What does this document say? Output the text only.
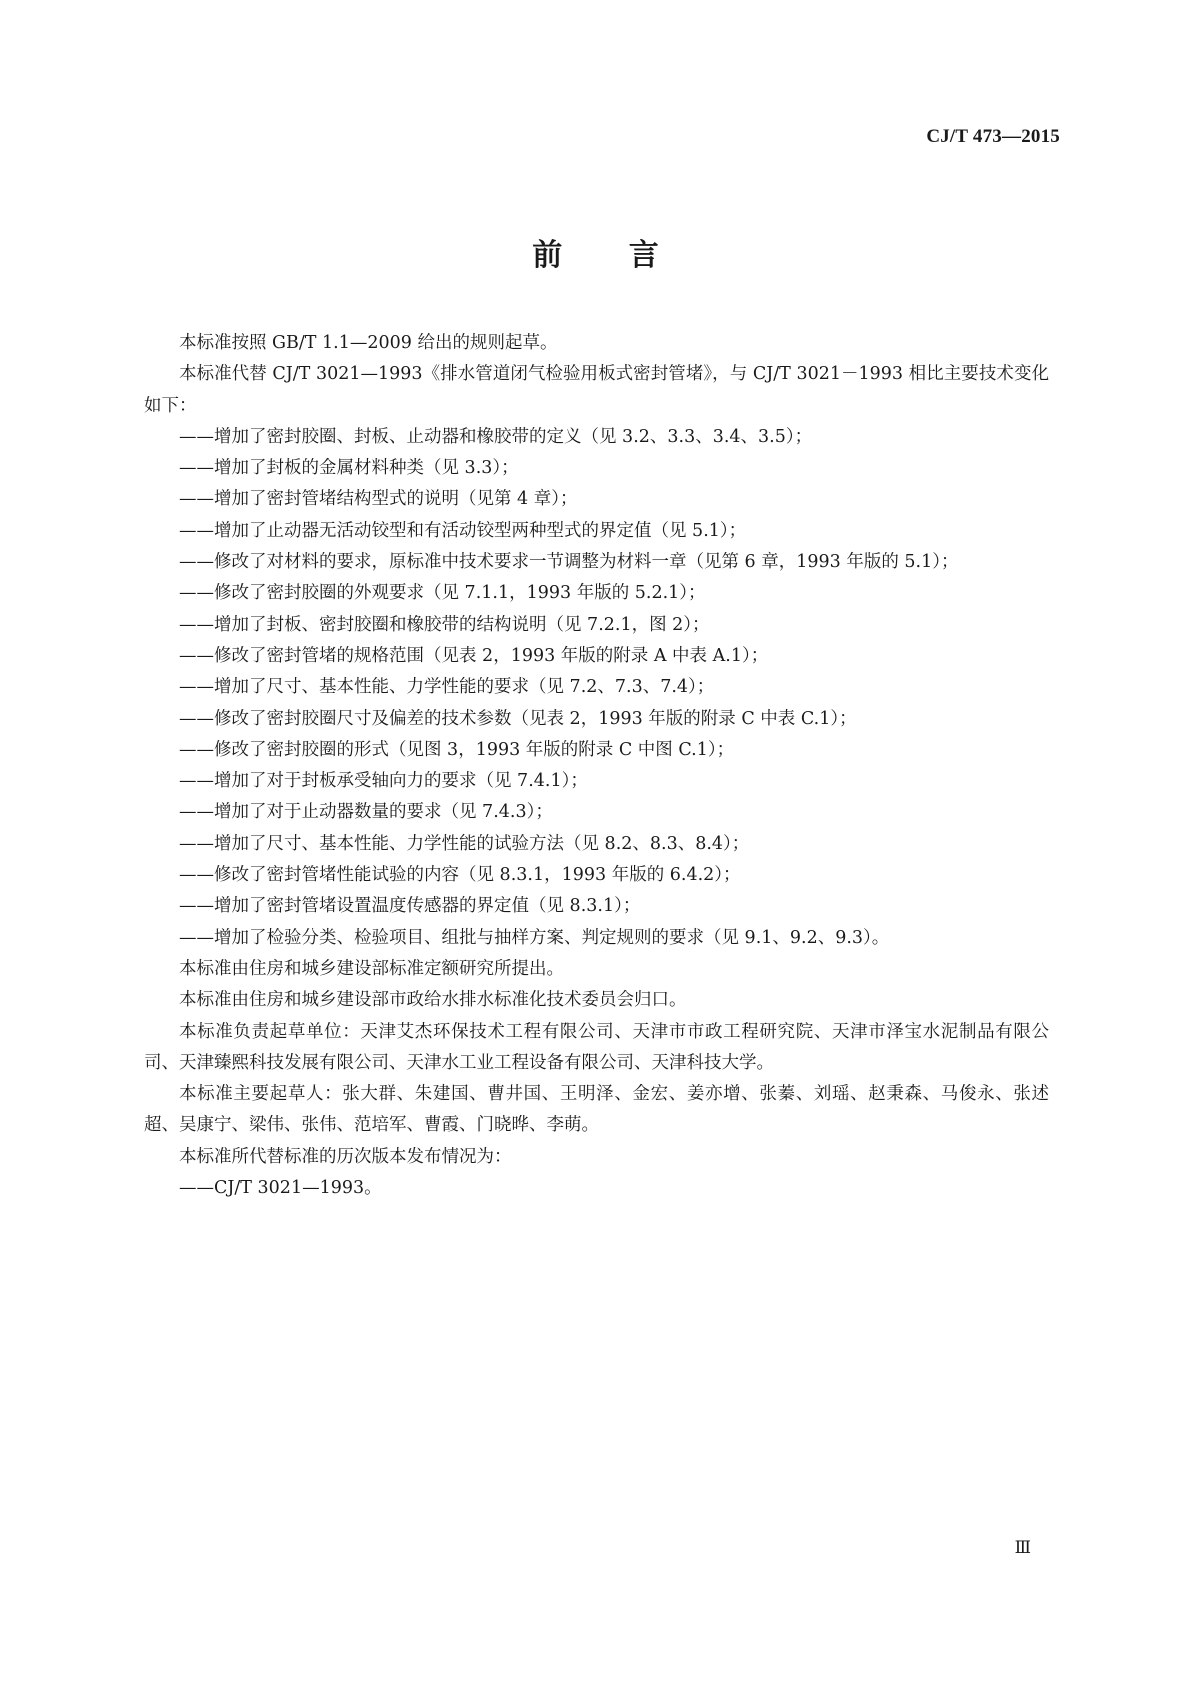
CJ/T 473—2015
前 言

本标准按照 GB/T 1.1—2009 给出的规则起草。

本标准代替 CJ/T 3021—1993《排水管道闭气检验用板式密封管堵》，与 CJ/T 3021－1993 相比主要技术变化如下：

——增加了密封胶圈、封板、止动器和橡胶带的定义（见 3.2、3.3、3.4、3.5）；

——增加了封板的金属材料种类（见 3.3）；

——增加了密封管堵结构型式的说明（见第 4 章）；

——增加了止动器无活动铰型和有活动铰型两种型式的界定值（见 5.1）；

——修改了对材料的要求，原标准中技术要求一节调整为材料一章（见第 6 章，1993 年版的 5.1）；

——修改了密封胶圈的外观要求（见 7.1.1，1993 年版的 5.2.1）；

——增加了封板、密封胶圈和橡胶带的结构说明（见 7.2.1，图 2）；

——修改了密封管堵的规格范围（见表 2，1993 年版的附录 A 中表 A.1）；

——增加了尺寸、基本性能、力学性能的要求（见 7.2、7.3、7.4）；

——修改了密封胶圈尺寸及偏差的技术参数（见表 2，1993 年版的附录 C 中表 C.1）；

——修改了密封胶圈的形式（见图 3，1993 年版的附录 C 中图 C.1）；

——增加了对于封板承受轴向力的要求（见 7.4.1）；

——增加了对于止动器数量的要求（见 7.4.3）；

——增加了尺寸、基本性能、力学性能的试验方法（见 8.2、8.3、8.4）；

——修改了密封管堵性能试验的内容（见 8.3.1，1993 年版的 6.4.2）；

——增加了密封管堵设置温度传感器的界定值（见 8.3.1）；

——增加了检验分类、检验项目、组批与抽样方案、判定规则的要求（见 9.1、9.2、9.3）。

本标准由住房和城乡建设部标准定额研究所提出。

本标准由住房和城乡建设部市政给水排水标准化技术委员会归口。

本标准负责起草单位：天津艾杰环保技术工程有限公司、天津市市政工程研究院、天津市泽宝水泥制品有限公司、天津臻熙科技发展有限公司、天津水工业工程设备有限公司、天津科技大学。

本标准主要起草人：张大群、朱建国、曹井国、王明泽、金宏、姜亦增、张蓁、刘瑶、赵秉森、马俊永、张述超、吴康宁、梁伟、张伟、范培军、曹霞、门晓晔、李萌。

本标准所代替标准的历次版本发布情况为：

——CJ/T 3021—1993。

Ⅲ
